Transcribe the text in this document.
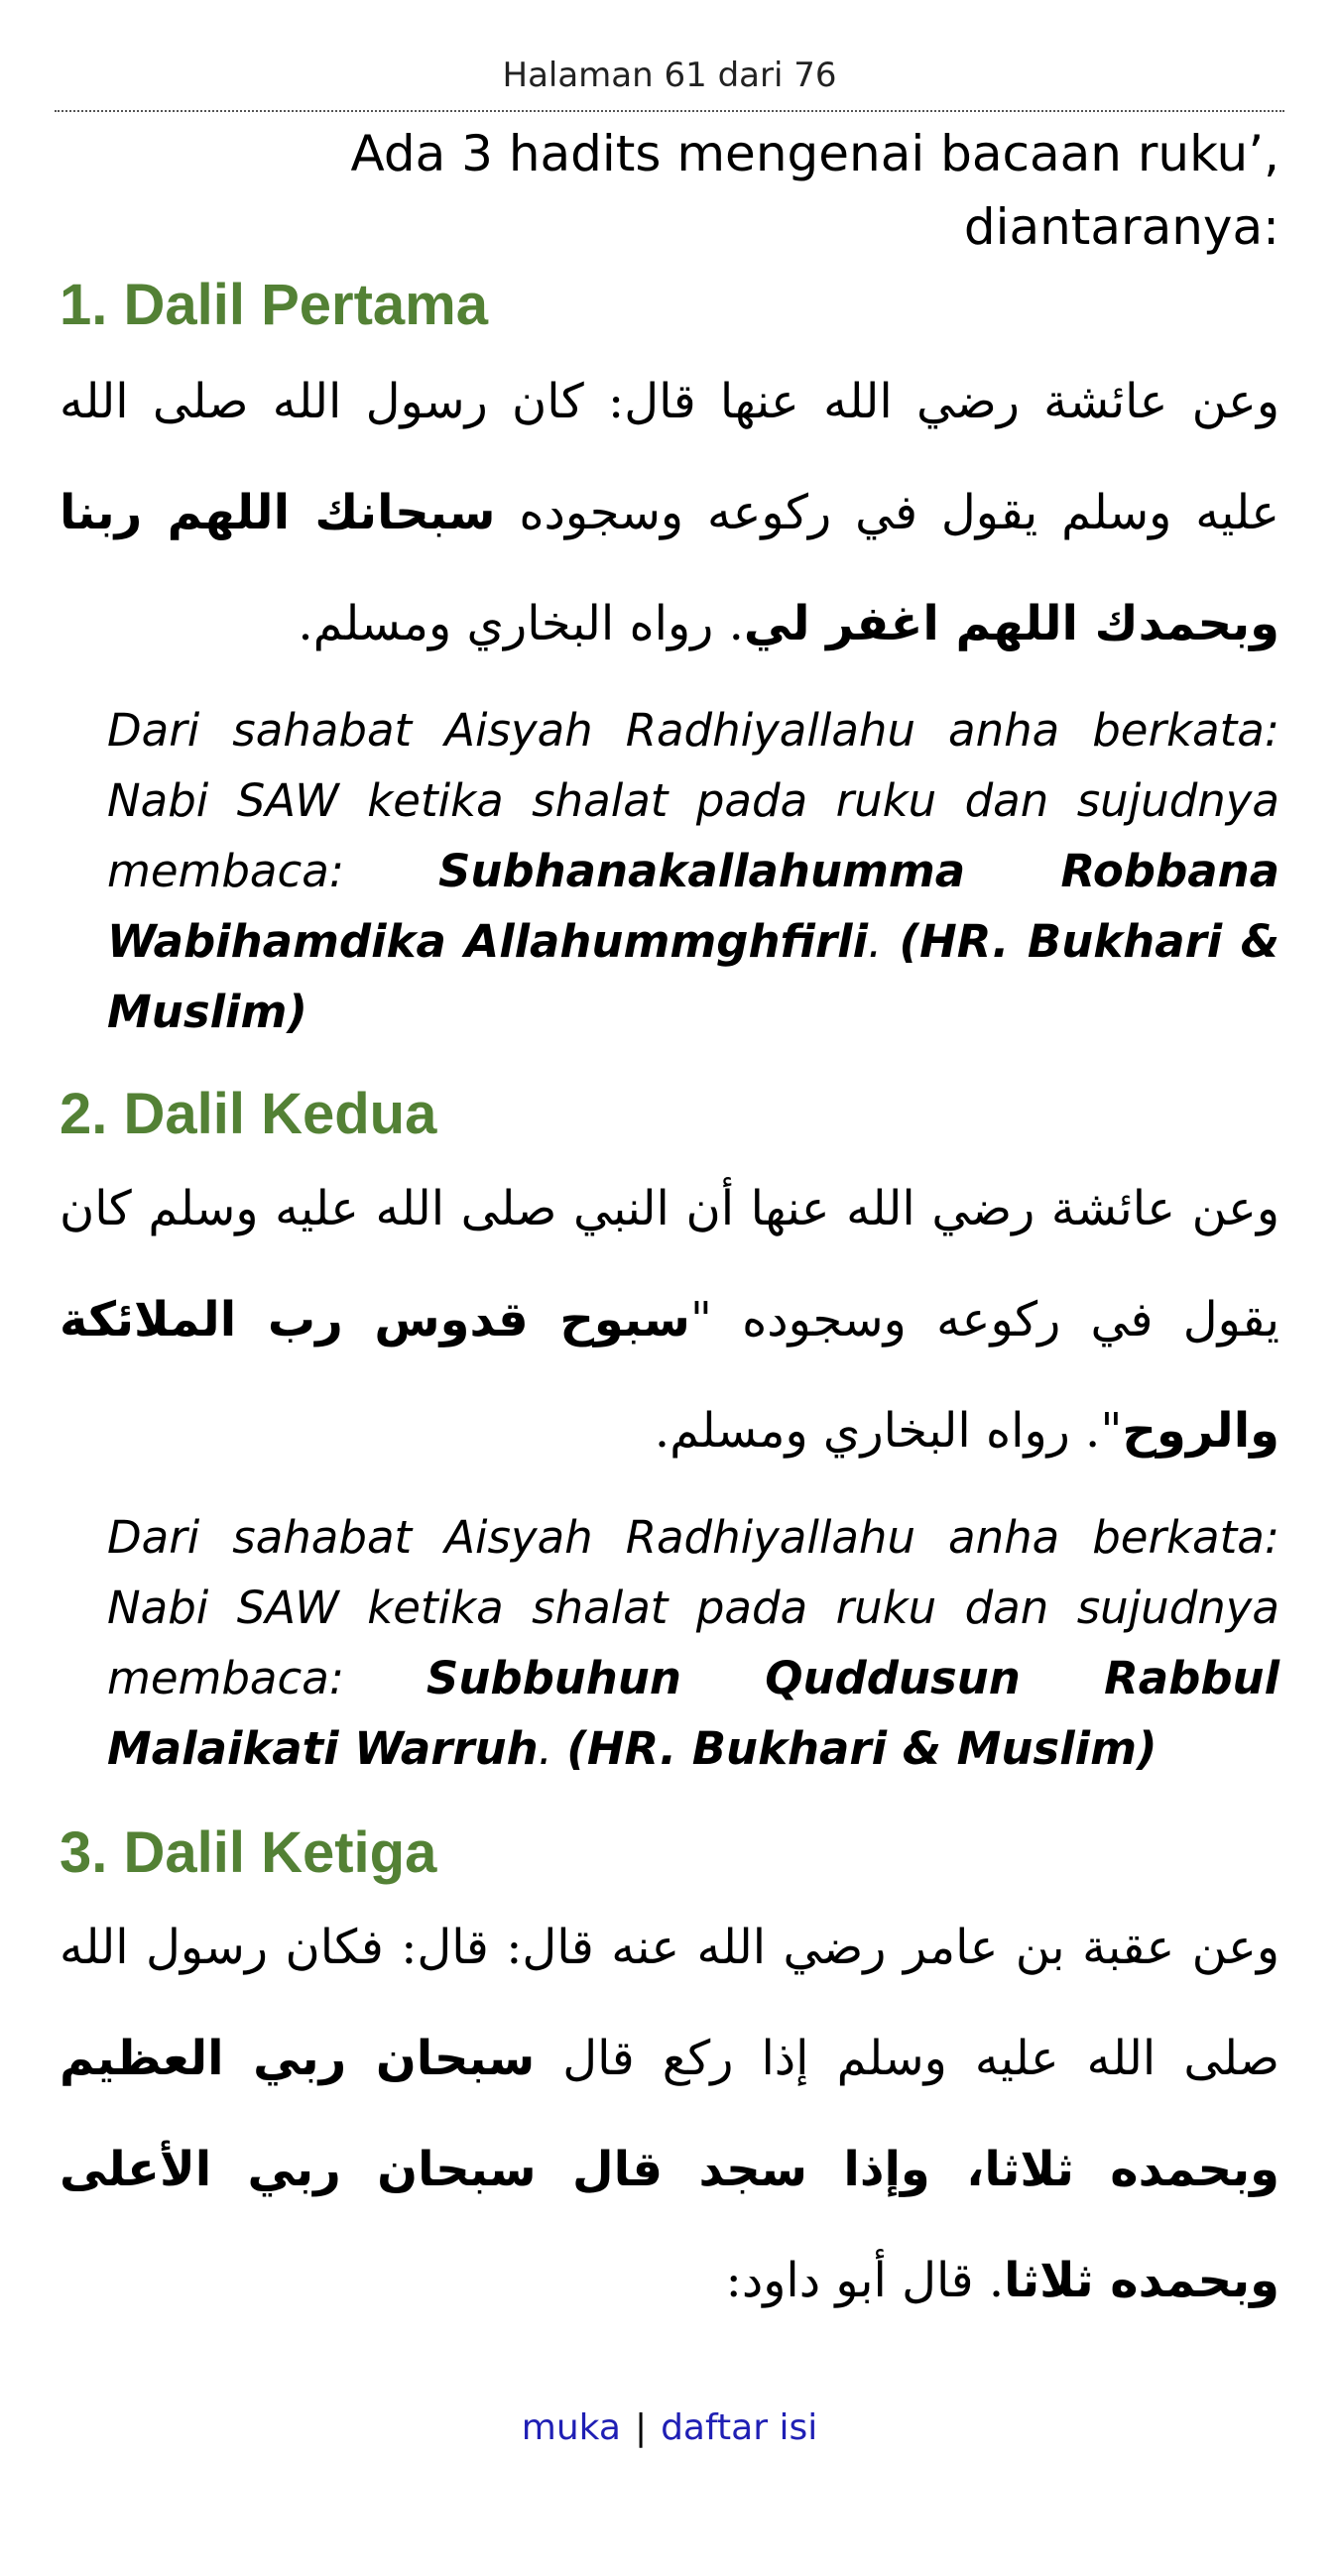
Halaman 61 dari 76

Ada 3 hadits mengenai bacaan ruku’, diantaranya:

1. Dalil Pertama

وعن عائشة رضي الله عنها قال: كان رسول الله صلى الله عليه وسلم يقول في ركوعه وسجوده سبحانك اللهم ربنا وبحمدك اللهم اغفر لي. رواه البخاري ومسلم.

Dari sahabat Aisyah Radhiyallahu anha berkata: Nabi SAW ketika shalat pada ruku dan sujudnya membaca: Subhanakallahumma Robbana Wabihamdika Allahummghfirli. (HR. Bukhari & Muslim)

2. Dalil Kedua

وعن عائشة رضي الله عنها أن النبي صلى الله عليه وسلم كان يقول في ركوعه وسجوده "سبوح قدوس رب الملائكة والروح". رواه البخاري ومسلم.

Dari sahabat Aisyah Radhiyallahu anha berkata: Nabi SAW ketika shalat pada ruku dan sujudnya membaca: Subbuhun Quddusun Rabbul Malaikati Warruh. (HR. Bukhari & Muslim)

3. Dalil Ketiga

وعن عقبة بن عامر رضي الله عنه قال: قال: فكان رسول الله صلى الله عليه وسلم إذا ركع قال سبحان ربي العظيم وبحمده ثلاثا، وإذا سجد قال سبحان ربي الأعلى وبحمده ثلاثا. قال أبو داود:

muka | daftar isi
